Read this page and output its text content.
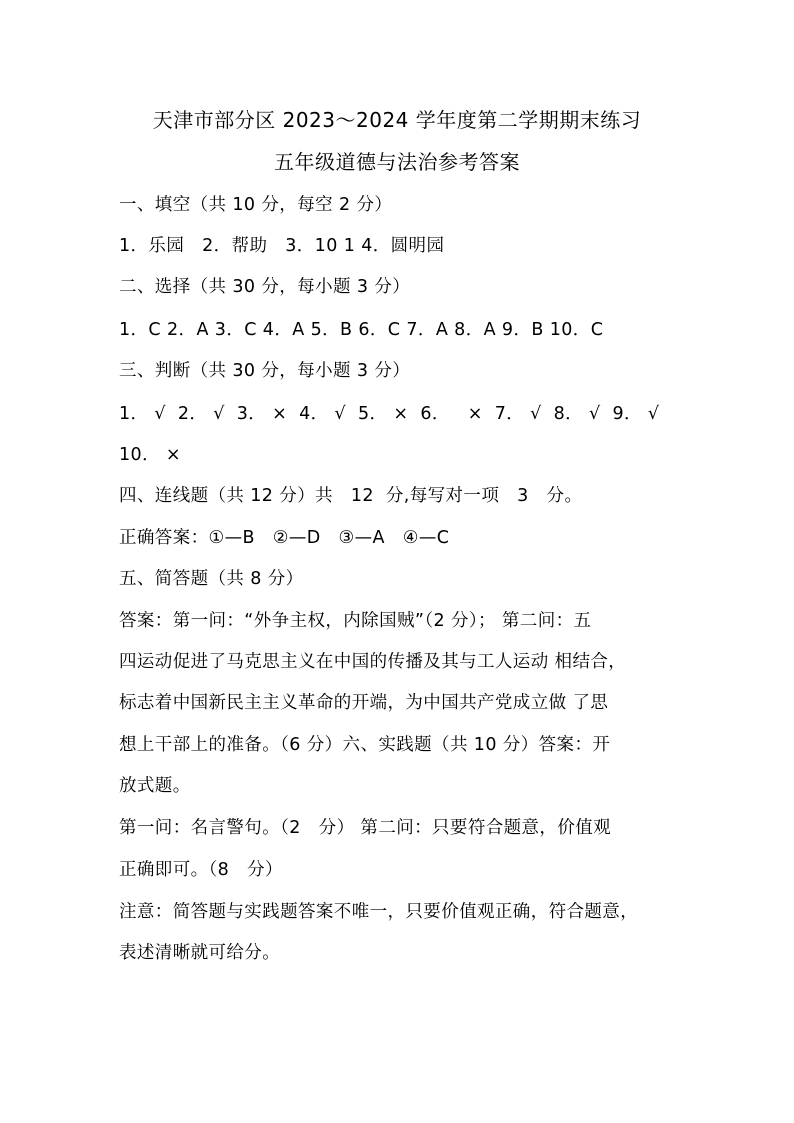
天津市部分区 2023～2024 学年度第二学期期末练习
五年级道德与法治参考答案
一、填空（共 10 分，每空 2 分）
1．乐园   2．帮助   3．10 1 4．圆明园
二、选择（共 30 分，每小题 3 分）
1．C 2．A 3．C 4．A 5．B 6．C 7．A 8．A 9．B 10．C
三、判断（共 30 分，每小题 3 分）
1． √  2． √  3． ×  4． √  5． ×  6．   ×  7． √  8． √  9． √
10． ×
四、连线题（共 12 分）共   12  分,每写对一项   3   分。
正确答案：①—B   ②—D   ③—A   ④—C
五、简答题（共 8 分）
答案：第一问：“外争主权，内除国贼”（2 分）； 第二问：五
四运动促进了马克思主义在中国的传播及其与工人运动 相结合，
标志着中国新民主主义革命的开端，为中国共产党成立做 了思
想上干部上的准备。（6 分）六、实践题（共 10 分）答案：开
放式题。
第一问：名言警句。（2   分） 第二问：只要符合题意，价值观
正确即可。（8   分）
注意：简答题与实践题答案不唯一，只要价值观正确，符合题意，
表述清晰就可给分。
